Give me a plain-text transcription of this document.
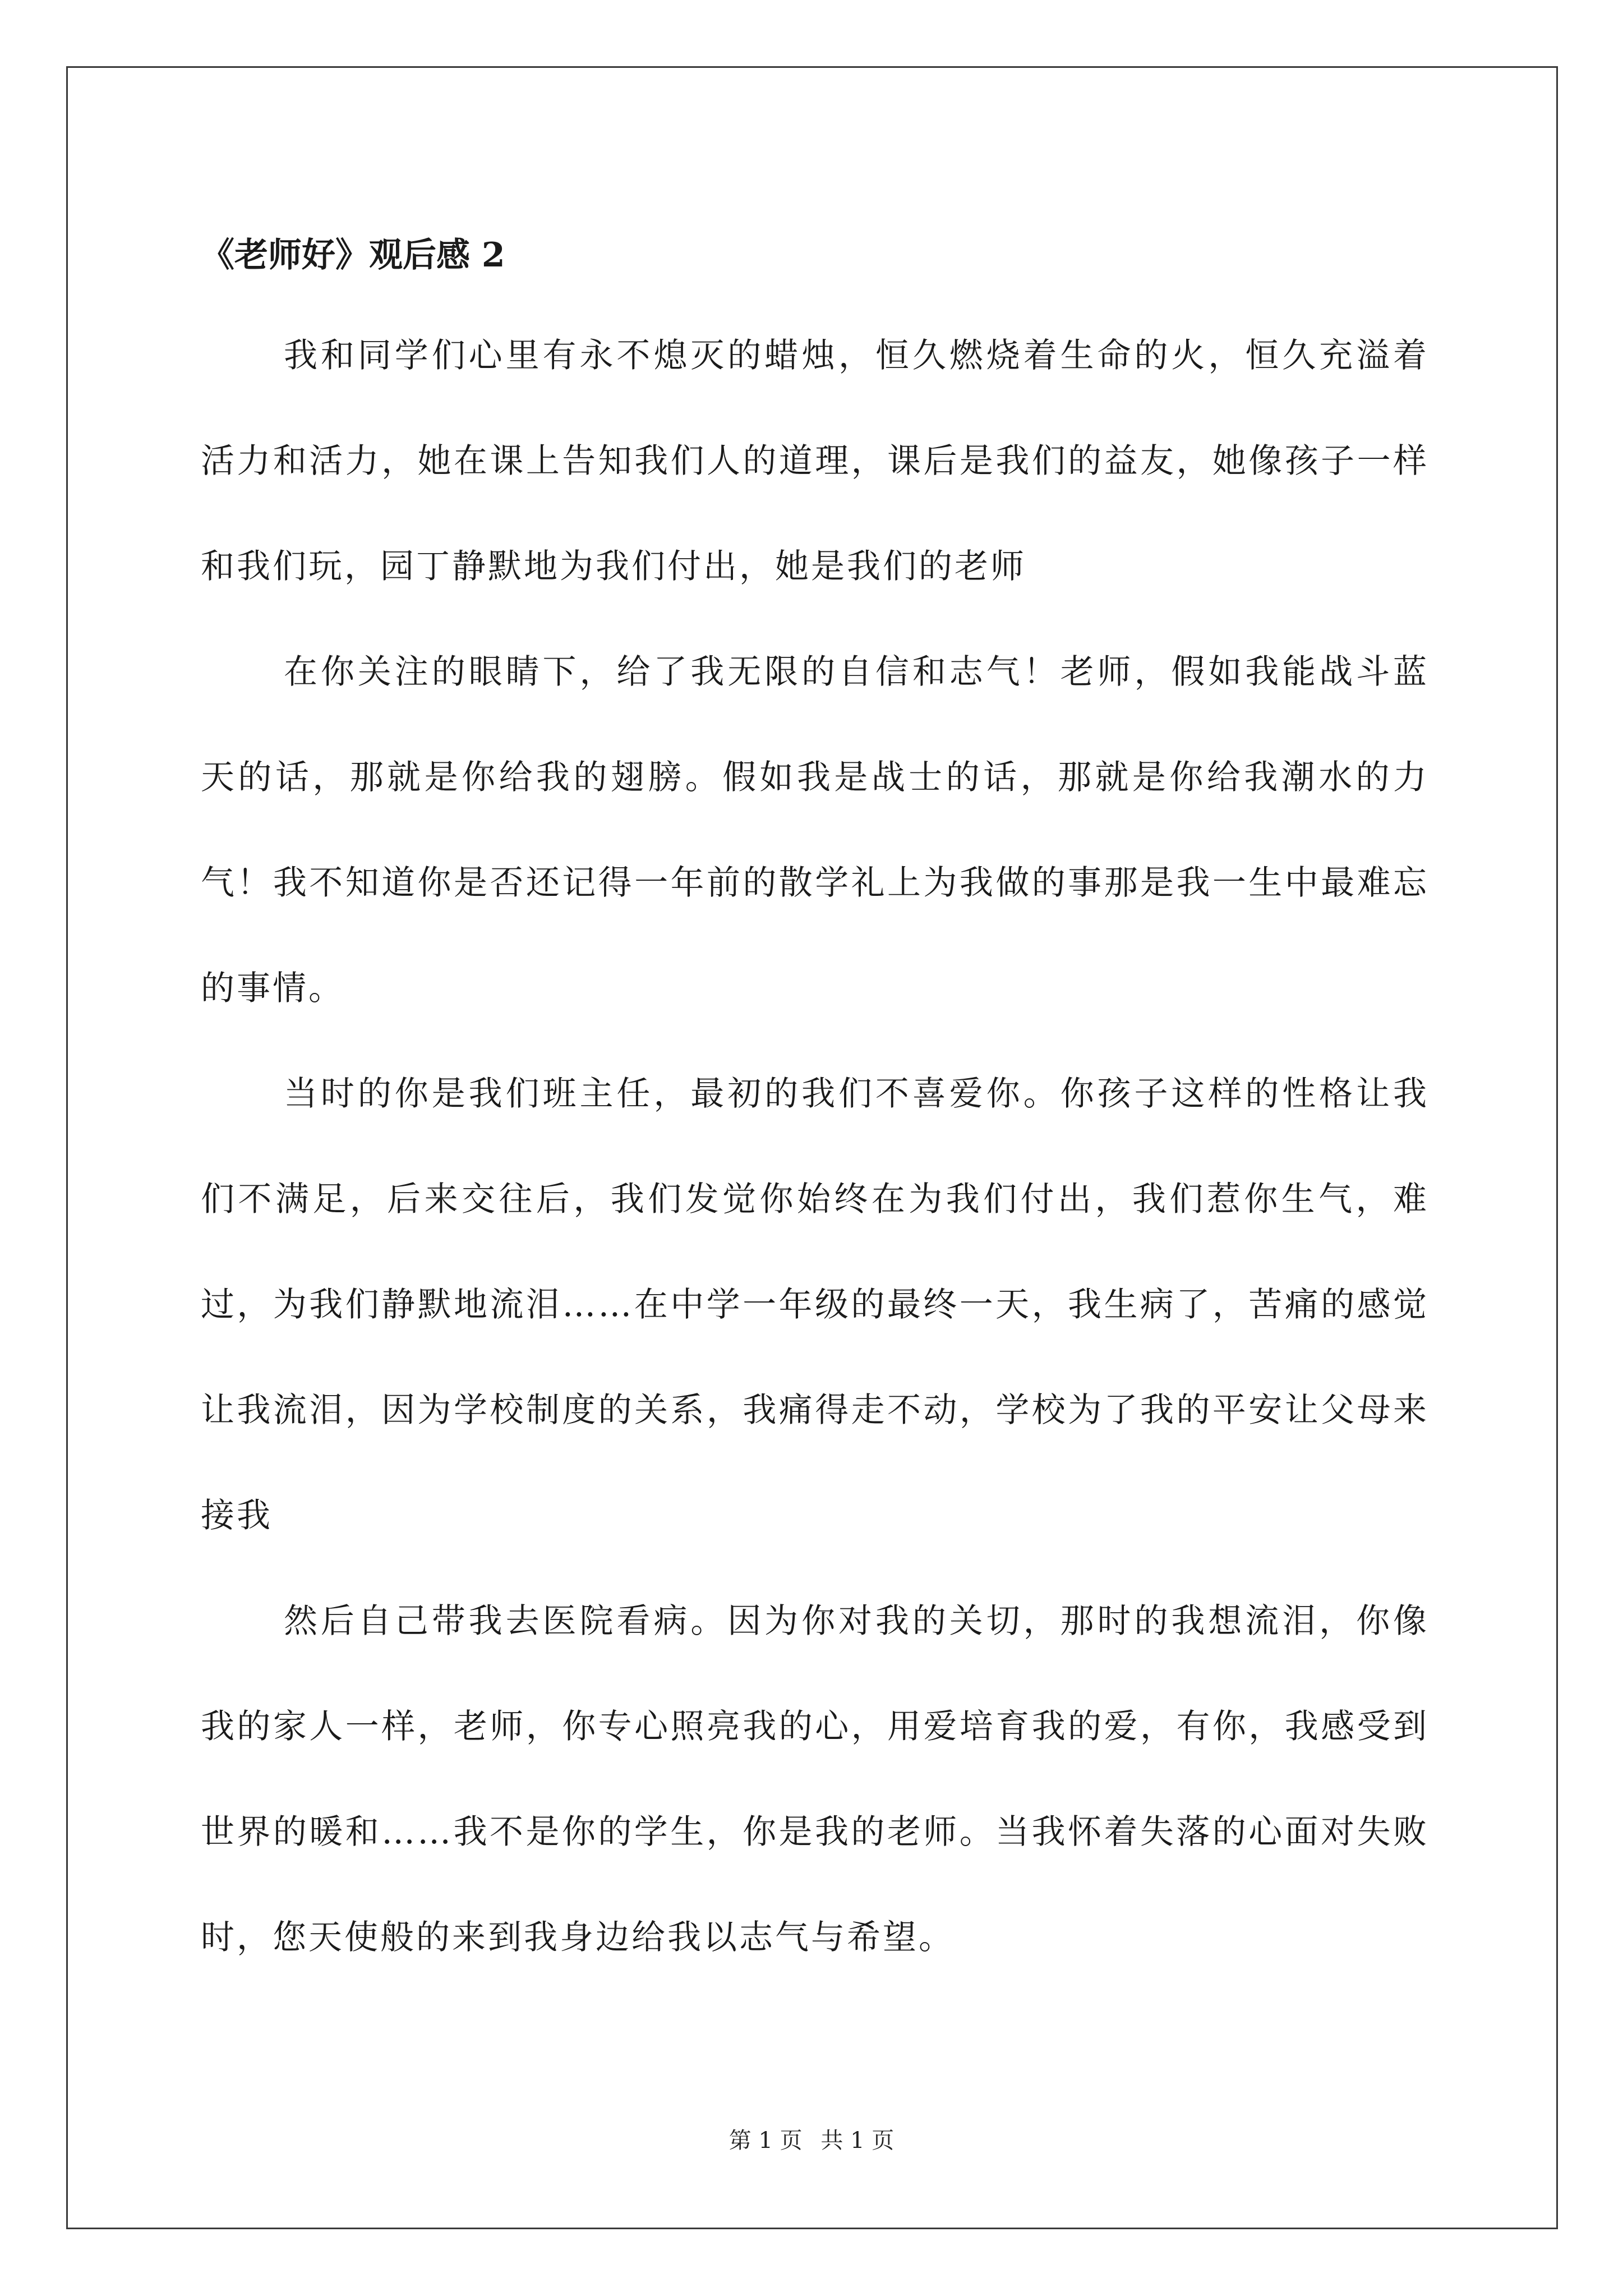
《老师好》观后感 2

我和同学们心里有永不熄灭的蜡烛，恒久燃烧着生命的火，恒久充溢着活力和活力，她在课上告知我们人的道理，课后是我们的益友，她像孩子一样和我们玩，园丁静默地为我们付出，她是我们的老师

在你关注的眼睛下，给了我无限的自信和志气！老师，假如我能战斗蓝天的话，那就是你给我的翅膀。假如我是战士的话，那就是你给我潮水的力气！我不知道你是否还记得一年前的散学礼上为我做的事那是我一生中最难忘的事情。

当时的你是我们班主任，最初的我们不喜爱你。你孩子这样的性格让我们不满足，后来交往后，我们发觉你始终在为我们付出，我们惹你生气，难过，为我们静默地流泪……在中学一年级的最终一天，我生病了，苦痛的感觉让我流泪，因为学校制度的关系，我痛得走不动，学校为了我的平安让父母来接我

然后自己带我去医院看病。因为你对我的关切，那时的我想流泪，你像我的家人一样，老师，你专心照亮我的心，用爱培育我的爱，有你，我感受到世界的暖和……我不是你的学生，你是我的老师。当我怀着失落的心面对失败时，您天使般的来到我身边给我以志气与希望。

第 1 页 共 1 页
